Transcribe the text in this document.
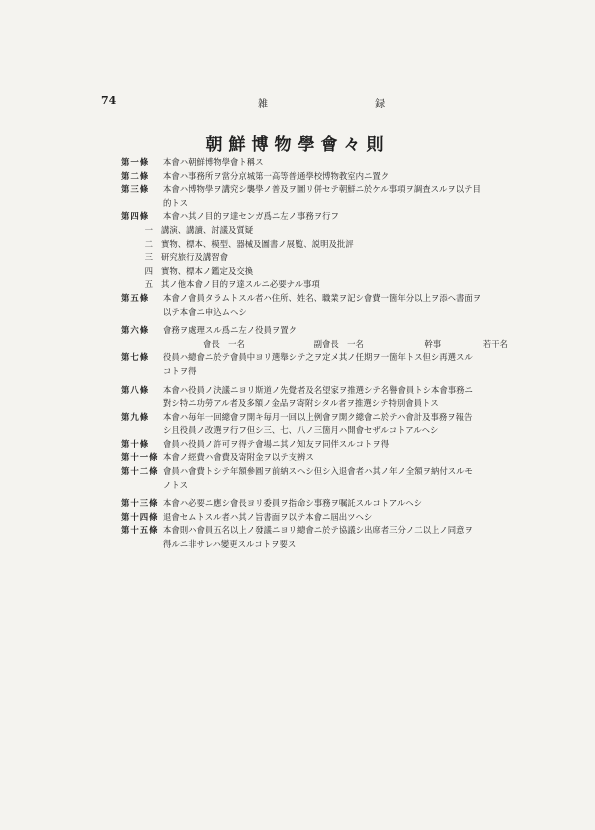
74	雑 録
朝鮮博物學會々則
第一條 本會ハ朝鮮博物學會ト稱ス
第二條 本會ハ事務所ヲ當分京城第一高等普通學校博物教室内ニ置ク
第三條 本會ハ博物學ヲ講究シ襲學ノ普及ヲ圖リ併セテ朝鮮ニ於ケル事項ヲ調査スルヲ以テ目
的トス
第四條 本會ハ其ノ目的ヲ達センガ爲ニ左ノ事務ヲ行フ
一 講演、講讀、討議及質疑
二 實物、標本、模型、器械及圖書ノ展覧、説明及批評
三 研究旅行及講習會
四 實物、標本ノ鑑定及交換
五 其ノ他本會ノ目的ヲ達スルニ必要ナル事項
第五條 本會ノ會員タラムトスル者ハ住所、姓名、職業ヲ記シ會費一箇年分以上ヲ添ヘ書面ヲ
以テ本會ニ申込ムヘシ
第六條 會務ヲ處理スル爲ニ左ノ役員ヲ置ク
會長　 一名	副會長　 一名	幹事　	若干名
第七條 役員ハ總會ニ於テ會員中ヨリ選舉シテ之ヲ定メ其ノ任期ヲ一箇年トス但シ再選スル
コトヲ得
第八條 本會ハ役員ノ決議ニヨリ斯道ノ先覺者及名望家ヲ推選シテ名譽會員トシ本會事務ニ
對シ特ニ功勞アル者及多額ノ金品ヲ寄附シタル者ヲ推選シテ特別會員トス
第九條 本會ハ毎年一回總會ヲ開キ毎月一回以上例會ヲ開ク總會ニ於テハ會計及事務ヲ報告
シ且役員ノ改選ヲ行フ但シ三、七、八ノ三箇月ハ開會セザルコトアルヘシ
第十條 會員ハ役員ノ許可ヲ得テ會場ニ其ノ知友ヲ同伴スルコトヲ得
第十一條 本會ノ經費ハ會費及寄附金ヲ以テ支辨ス
第十二條 會員ハ會費トシテ年額參圓ヲ前納スヘシ但シ入退會者ハ其ノ年ノ全額ヲ納付スルモ
ノトス
第十三條 本會ハ必要ニ應シ會長ヨリ委員ヲ指命シ事務ヲ嘱託スルコトアルヘシ
第十四條 退會セムトスル者ハ其ノ旨書面ヲ以テ本會ニ屆出ツヘシ
第十五條 本會則ハ會員五名以上ノ發議ニヨリ總會ニ於テ協議シ出席者三分ノ二以上ノ同意ヲ
得ルニ非サレハ變更スルコトヲ要ス
